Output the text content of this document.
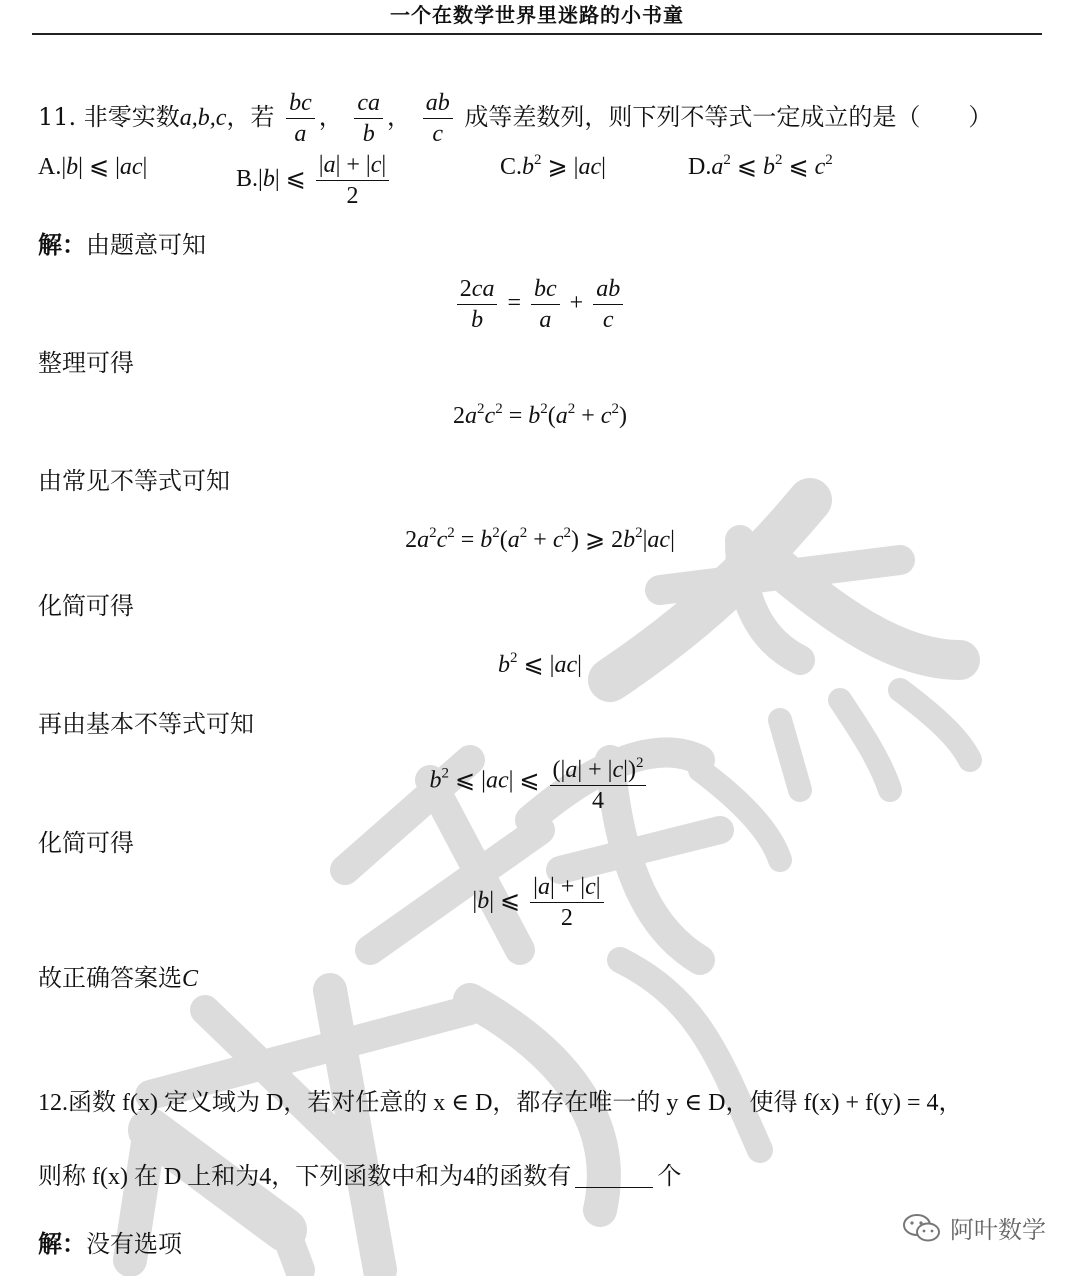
一个在数学世界里迷路的小书童
11. 非零实数a,b,c，若 $\frac{bc}{a}$ ， $\frac{ca}{b}$ ， $\frac{ab}{c}$ 成等差数列，则下列不等式一定成立的是（　　）
A.|b| ⩽ |ac|	B.|b| ⩽ $\frac{|a| + |c|}{2}$	$C.b^2$ ⩾ |ac|	$D.a^2$ ⩽ $b^2$ ⩽ $c^2$
解：由题意可知
$\frac{2ca}{b} = \frac{bc}{a} + \frac{ab}{c}$
整理可得
$2a^2c^2 = b^2(a^2 + c^2)$
由常见不等式可知
$2a^2c^2 = b^2(a^2 + c^2)$ ⩾ $2b^2|ac|$
化简可得
$b^2$ ⩽ |ac|
再由基本不等式可知
$b^2$ ⩽ |ac| ⩽ $\frac{(|a| + |c|)^2}{4}$
化简可得
|b| ⩽ $\frac{|a| + |c|}{2}$
故正确答案选C
12.函数 f(x) 定义域为 D，若对任意的 x ∈ D，都存在唯一的 y ∈ D，使得 f(x) + f(y) = 4，
则称 f(x) 在 D 上和为4，下列函数中和为4的函数有	个
解：没有选项	阿叶数学
